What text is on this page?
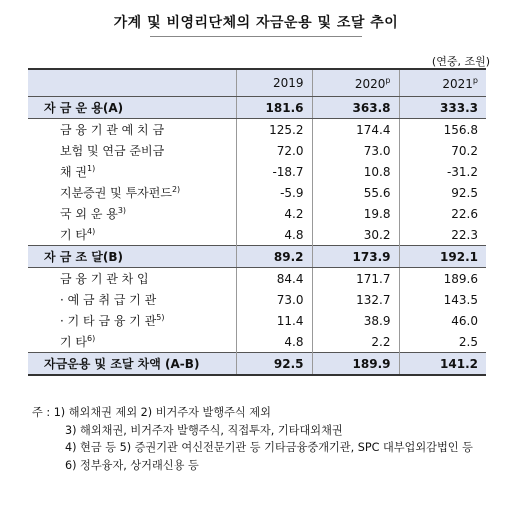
가계 및 비영리단체의 자금운용 및 조달 추이
(연중, 조원)
	2019	2020$^p$	2021$^p$
자 금 운 용(A)	181.6	363.8	333.3
금 융 기 관 예 치 금	125.2	174.4	156.8
보험 및 연금 준비금	72.0	73.0	70.2
채 권$^{1)}$	-18.7	10.8	-31.2
지분증권 및 투자펀드$^{2)}$	-5.9	55.6	92.5
국 외 운 용$^{3)}$	4.2	19.8	22.6
기 타$^{4)}$	4.8	30.2	22.3
자 금 조 달(B)	89.2	173.9	192.1
금 융 기 관 차 입	84.4	171.7	189.6
· 예 금 취 급 기 관	73.0	132.7	143.5
· 기 타 금 융 기 관$^{5)}$	11.4	38.9	46.0
기 타$^{6)}$	4.8	2.2	2.5
자금운용 및 조달 차액 (A-B)	92.5	189.9	141.2
주 : 1) 해외채권 제외 2) 비거주자 발행주식 제외
3) 해외채권, 비거주자 발행주식, 직접투자, 기타대외채권
4) 현금 등 5) 증권기관 여신전문기관 등 기타금융중개기관, SPC 대부업외감법인 등
6) 정부융자, 상거래신용 등
